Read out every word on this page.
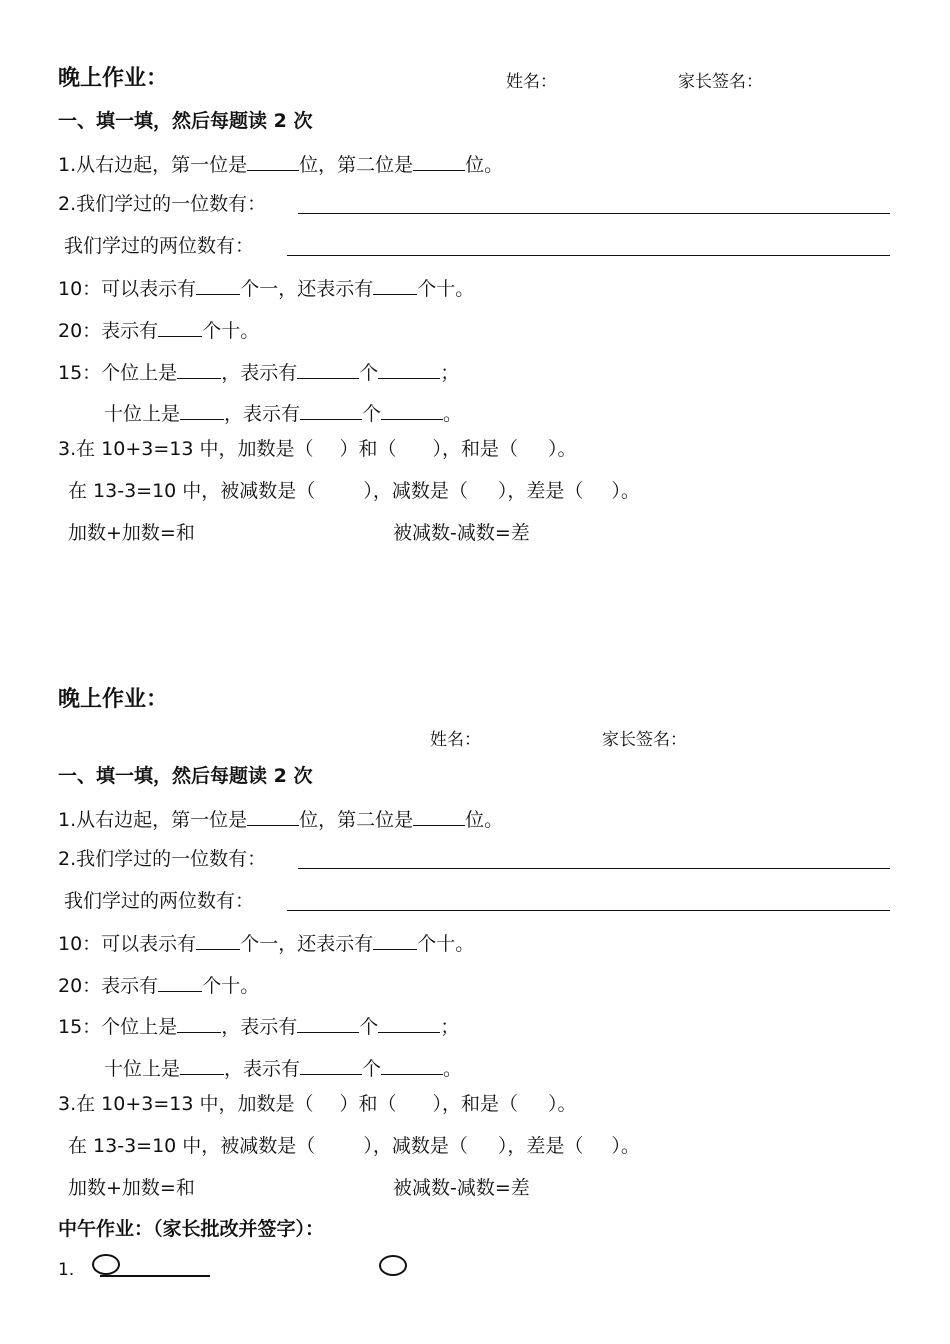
晚上作业：	姓名：	家长签名：
一、填一填，然后每题读 2 次
1.从右边起，第一位是	位，第二位是	位。
2.我们学过的一位数有：
我们学过的两位数有：
10：可以表示有 个一，还表示有 个十。
20：表示有 个十。
15：个位上是 ，表示有	个	；
十位上是 ，表示有	个	。
3.在 10+3=13 中，加数是（ ）和（ ），和是（ ）。
在 13-3=10 中，被减数是（	），减数是（ ），差是（ ）。
加数+加数=和	被减数-减数=差
晚上作业：
姓名：	家长签名：
一、填一填，然后每题读 2 次
1.从右边起，第一位是	位，第二位是	位。
2.我们学过的一位数有：
我们学过的两位数有：
10：可以表示有 个一，还表示有 个十。
20：表示有 个十。
15：个位上是 ，表示有	个	；
十位上是 ，表示有	个	。
3.在 10+3=13 中，加数是（ ）和（ ），和是（ ）。
在 13-3=10 中，被减数是（	），减数是（ ），差是（ ）。
加数+加数=和	被减数-减数=差
中午作业：（家长批改并签字）：
1.
